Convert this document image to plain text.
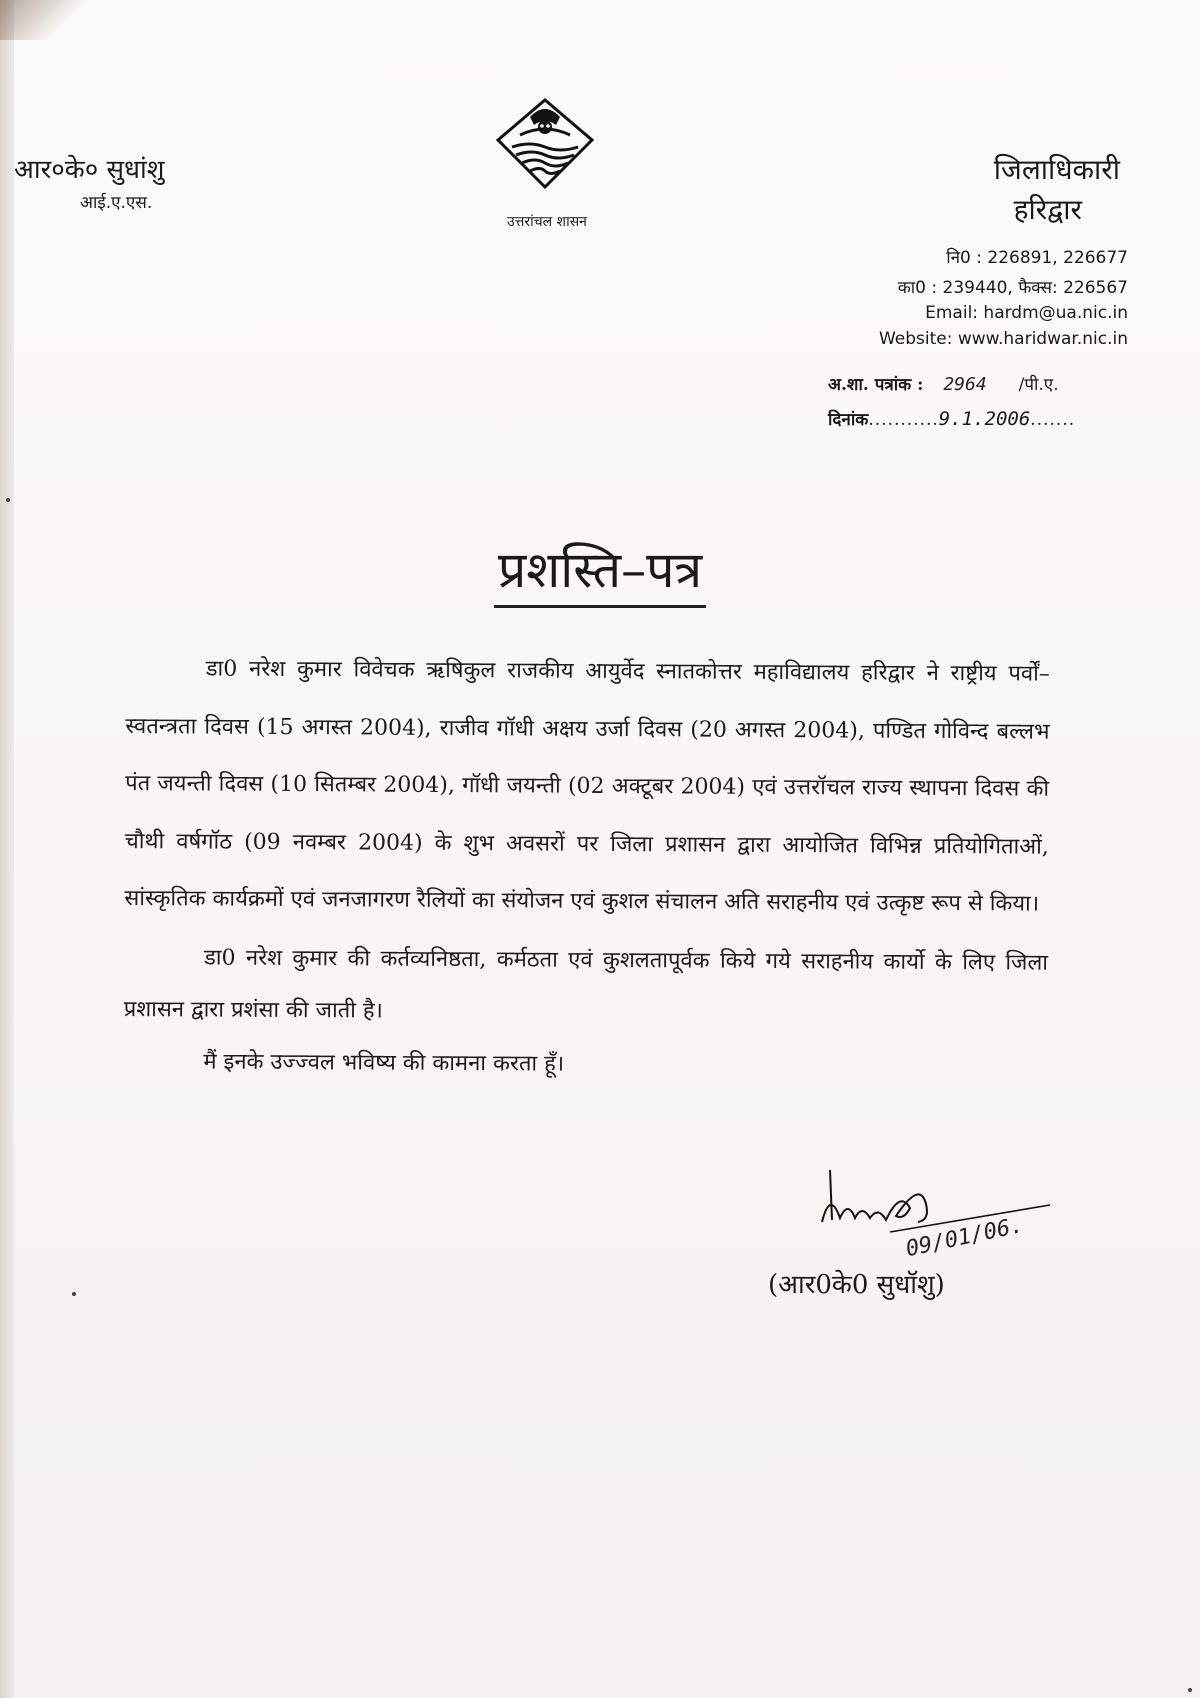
आर०के० सुधांशु
आई.ए.एस.
उत्तरांचल शासन
जिलाधिकारी
हरिद्वार
नि0 : 226891, 226677
का0 : 239440, फैक्स: 226567
Email: hardm@ua.nic.in
Website: www.haridwar.nic.in
अ.शा. पत्रांक : 2964 /पी.ए.
दिनांक...........9.1.2006.......
प्रशस्ति–पत्र

डा0 नरेश कुमार विवेचक ऋषिकुल राजकीय आयुर्वेद स्नातकोत्तर महाविद्यालय हरिद्वार ने राष्ट्रीय पर्वों– स्वतन्त्रता दिवस (15 अगस्त 2004), राजीव गॉधी अक्षय उर्जा दिवस (20 अगस्त 2004), पण्डित गोविन्द बल्लभ पंत जयन्ती दिवस (10 सितम्बर 2004), गॉधी जयन्ती (02 अक्टूबर 2004) एवं उत्तरॉचल राज्य स्थापना दिवस की चौथी वर्षगॉठ (09 नवम्बर 2004) के शुभ अवसरों पर जिला प्रशासन द्वारा आयोजित विभिन्न प्रतियोगिताओं, सांस्कृतिक कार्यक्रमों एवं जनजागरण रैलियों का संयोजन एवं कुशल संचालन अति सराहनीय एवं उत्कृष्ट रूप से किया।

डा0 नरेश कुमार की कर्तव्यनिष्ठता, कर्मठता एवं कुशलतापूर्वक किये गये सराहनीय कार्यो के लिए जिला प्रशासन द्वारा प्रशंसा की जाती है।

मैं इनके उज्ज्वल भविष्य की कामना करता हूँ।

09/01/06.
(आर0के0 सुधॉशु)
